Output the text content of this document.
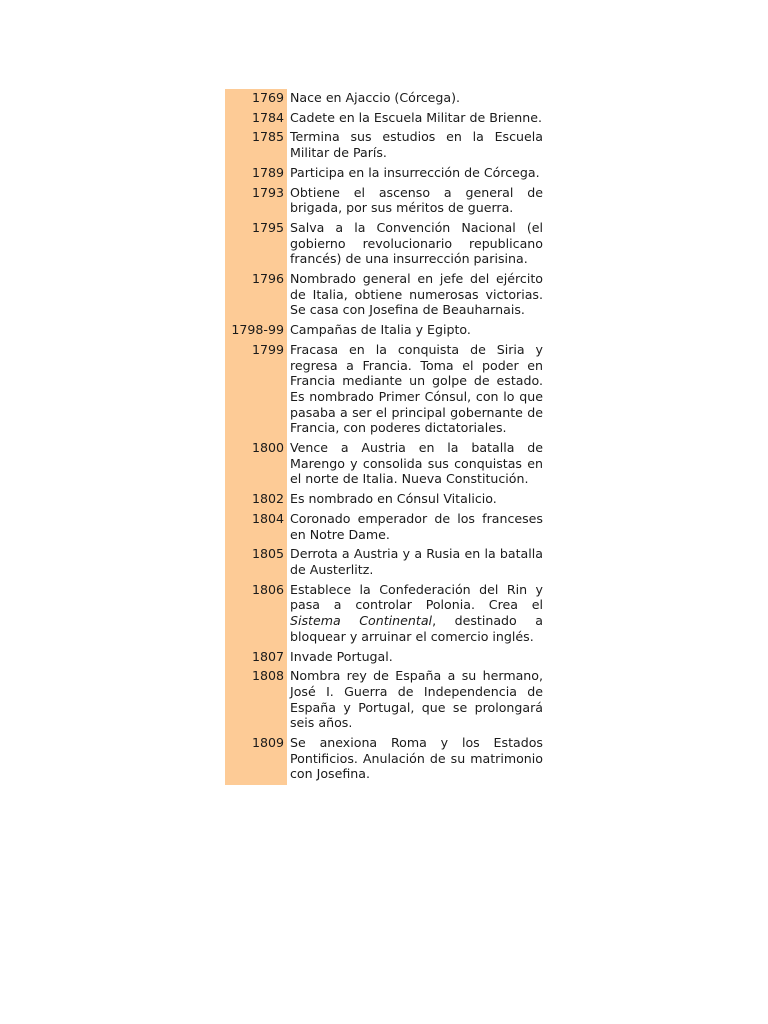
1769	Nace en Ajaccio (Córcega).
1784	Cadete en la Escuela Militar de Brienne.
1785	Termina sus estudios en la Escuela Militar de París.
1789	Participa en la insurrección de Córcega.
1793	Obtiene el ascenso a general de brigada, por sus méritos de guerra.
1795	Salva a la Convención Nacional (el gobierno revolucionario republicano francés) de una insurrección parisina.
1796	Nombrado general en jefe del ejército de Italia, obtiene numerosas victorias. Se casa con Josefina de Beauharnais.
1798-99	Campañas de Italia y Egipto.
1799	Fracasa en la conquista de Siria y regresa a Francia. Toma el poder en Francia mediante un golpe de estado. Es nombrado Primer Cónsul, con lo que pasaba a ser el principal gobernante de Francia, con poderes dictatoriales.
1800	Vence a Austria en la batalla de Marengo y consolida sus conquistas en el norte de Italia. Nueva Constitución.
1802	Es nombrado en Cónsul Vitalicio.
1804	Coronado emperador de los franceses en Notre Dame.
1805	Derrota a Austria y a Rusia en la batalla de Austerlitz.
1806	Establece la Confederación del Rin y pasa a controlar Polonia. Crea el Sistema Continental, destinado a bloquear y arruinar el comercio inglés.
1807	Invade Portugal.
1808	Nombra rey de España a su hermano, José I. Guerra de Independencia de España y Portugal, que se prolongará seis años.
1809	Se anexiona Roma y los Estados Pontificios. Anulación de su matrimonio con Josefina.
